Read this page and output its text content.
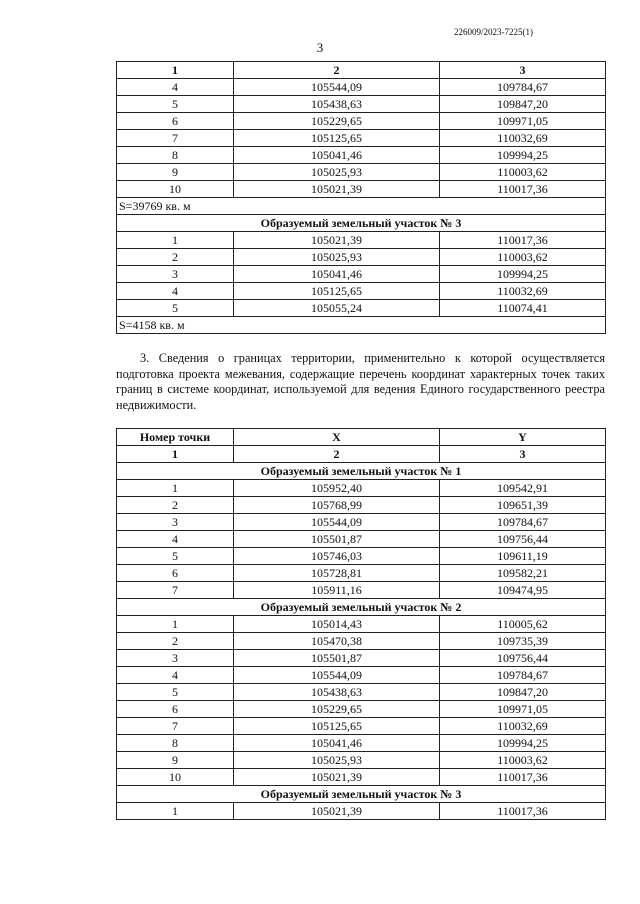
226009/2023-7225(1)
3
1	2	3
4	105544,09	109784,67
5	105438,63	109847,20
6	105229,65	109971,05
7	105125,65	110032,69
8	105041,46	109994,25
9	105025,93	110003,62
10	105021,39	110017,36
S=39769 кв. м		
Образуемый земельный участок № 3		
1	105021,39	110017,36
2	105025,93	110003,62
3	105041,46	109994,25
4	105125,65	110032,69
5	105055,24	110074,41
S=4158 кв. м		
3. Сведения о границах территории, применительно к которой осуществляется подготовка проекта межевания, содержащие перечень координат характерных точек таких границ в системе координат, используемой для ведения Единого государственного реестра недвижимости.
Номер точки	X	Y
1	2	3
Образуемый земельный участок № 1		
1	105952,40	109542,91
2	105768,99	109651,39
3	105544,09	109784,67
4	105501,87	109756,44
5	105746,03	109611,19
6	105728,81	109582,21
7	105911,16	109474,95
Образуемый земельный участок № 2		
1	105014,43	110005,62
2	105470,38	109735,39
3	105501,87	109756,44
4	105544,09	109784,67
5	105438,63	109847,20
6	105229,65	109971,05
7	105125,65	110032,69
8	105041,46	109994,25
9	105025,93	110003,62
10	105021,39	110017,36
Образуемый земельный участок № 3		
1	105021,39	110017,36
